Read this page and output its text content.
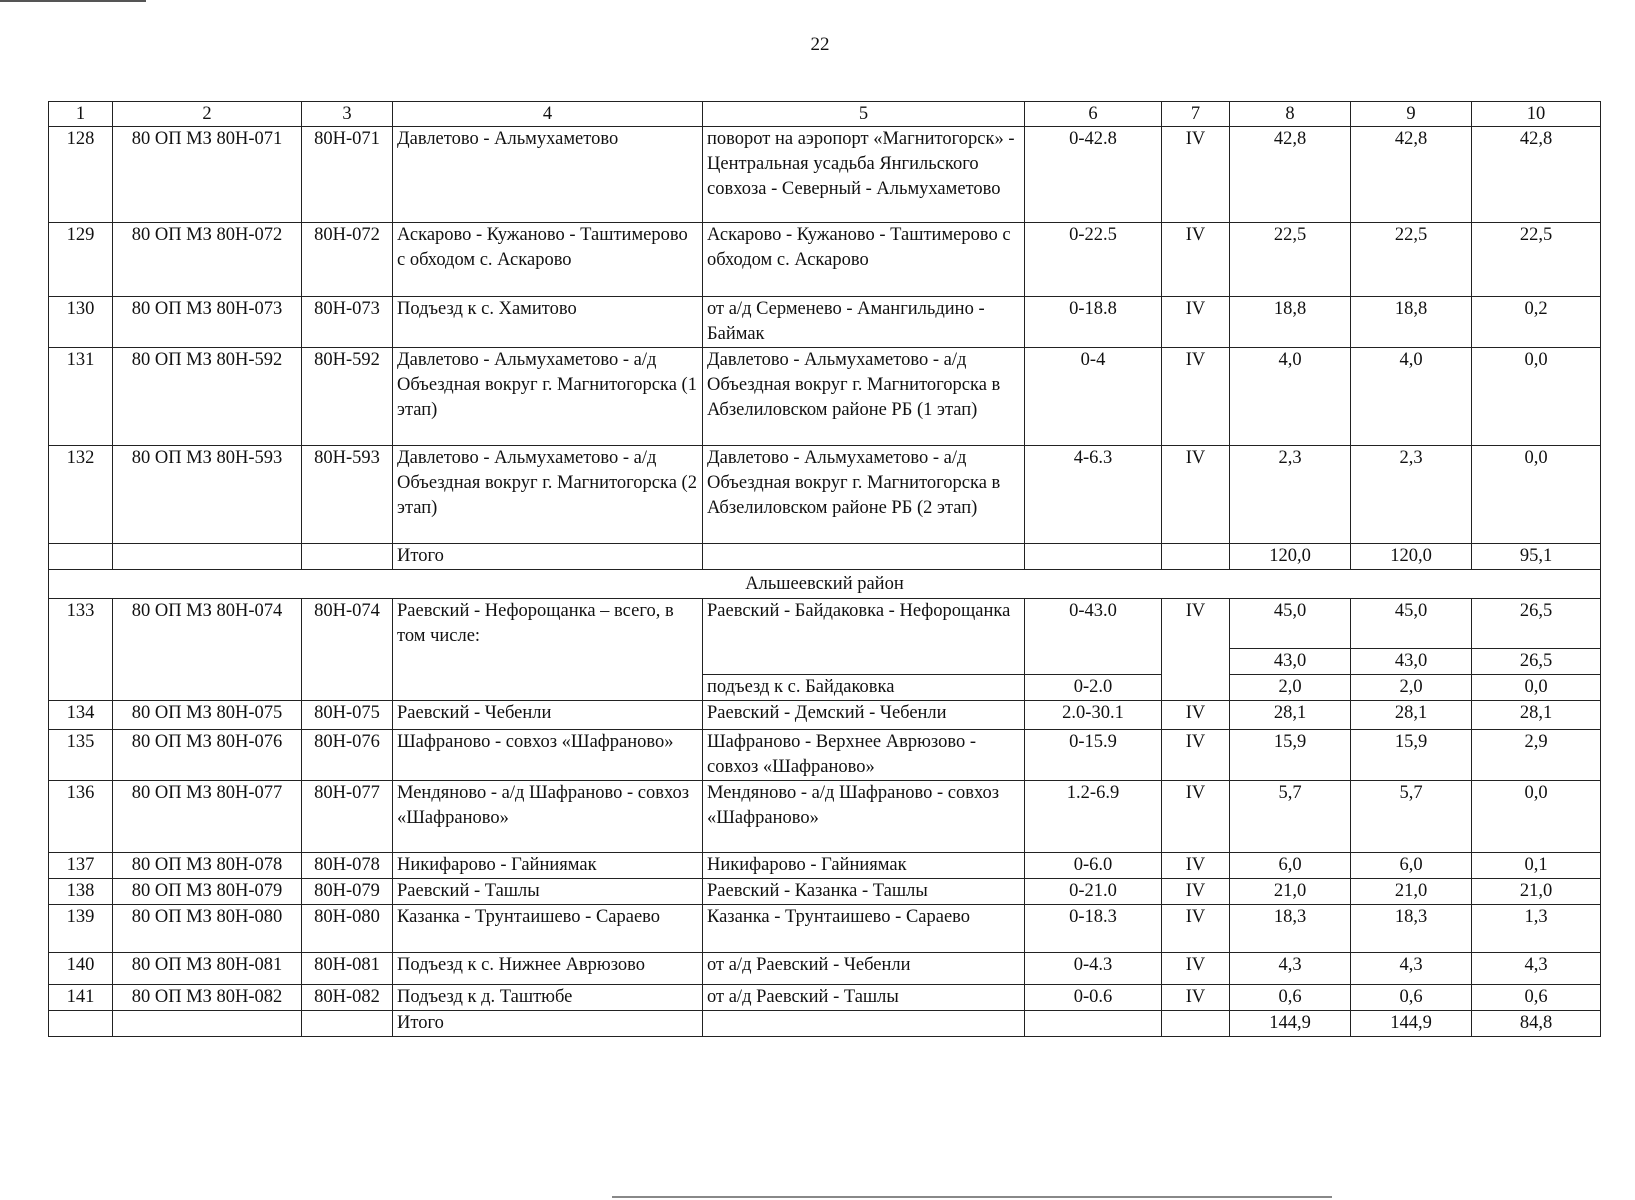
22
1	2	3	4	5	6	7	8	9	10
128	80 ОП МЗ 80Н-071	80Н-071	Давлетово - Альмухаметово	поворот на аэропорт «Магнитогорск» - Центральная усадьба Янгильского совхоза - Северный - Альмухаметово	0-42.8	IV	42,8	42,8	42,8
129	80 ОП МЗ 80Н-072	80Н-072	Аскарово - Кужаново - Таштимерово с обходом с. Аскарово	Аскарово - Кужаново - Таштимерово с обходом с. Аскарово	0-22.5	IV	22,5	22,5	22,5
130	80 ОП МЗ 80Н-073	80Н-073	Подъезд к с. Хамитово	от а/д Серменево - Амангильдино - Баймак	0-18.8	IV	18,8	18,8	0,2
131	80 ОП МЗ 80Н-592	80Н-592	Давлетово - Альмухаметово - а/д Объездная вокруг г. Магнитогорска (1 этап)	Давлетово - Альмухаметово - а/д Объездная вокруг г. Магнитогорска в Абзелиловском районе РБ (1 этап)	0-4	IV	4,0	4,0	0,0
132	80 ОП МЗ 80Н-593	80Н-593	Давлетово - Альмухаметово - а/д Объездная вокруг г. Магнитогорска (2 этап)	Давлетово - Альмухаметово - а/д Объездная вокруг г. Магнитогорска в Абзелиловском районе РБ (2 этап)	4-6.3	IV	2,3	2,3	0,0
			Итого				120,0	120,0	95,1
Альшеевский район									
133	80 ОП МЗ 80Н-074	80Н-074	Раевский - Нефорощанка – всего, в том числе:	Раевский - Байдаковка - Нефорощанка	0-43.0	IV	45,0	45,0	26,5
							43,0	43,0	26,5
				подъезд к с. Байдаковка	0-2.0		2,0	2,0	0,0
134	80 ОП МЗ 80Н-075	80Н-075	Раевский - Чебенли	Раевский - Демский - Чебенли	2.0-30.1	IV	28,1	28,1	28,1
135	80 ОП МЗ 80Н-076	80Н-076	Шафраново - совхоз «Шафраново»	Шафраново - Верхнее Аврюзово - совхоз «Шафраново»	0-15.9	IV	15,9	15,9	2,9
136	80 ОП МЗ 80Н-077	80Н-077	Мендяново - а/д Шафраново - совхоз «Шафраново»	Мендяново - а/д Шафраново - совхоз «Шафраново»	1.2-6.9	IV	5,7	5,7	0,0
137	80 ОП МЗ 80Н-078	80Н-078	Никифарово - Гайниямак	Никифарово - Гайниямак	0-6.0	IV	6,0	6,0	0,1
138	80 ОП МЗ 80Н-079	80Н-079	Раевский - Ташлы	Раевский - Казанка - Ташлы	0-21.0	IV	21,0	21,0	21,0
139	80 ОП МЗ 80Н-080	80Н-080	Казанка - Трунтаишево - Сараево	Казанка - Трунтаишево - Сараево	0-18.3	IV	18,3	18,3	1,3
140	80 ОП МЗ 80Н-081	80Н-081	Подъезд к с. Нижнее Аврюзово	от а/д Раевский - Чебенли	0-4.3	IV	4,3	4,3	4,3
141	80 ОП МЗ 80Н-082	80Н-082	Подъезд к д. Таштюбе	от а/д Раевский - Ташлы	0-0.6	IV	0,6	0,6	0,6
			Итого				144,9	144,9	84,8
